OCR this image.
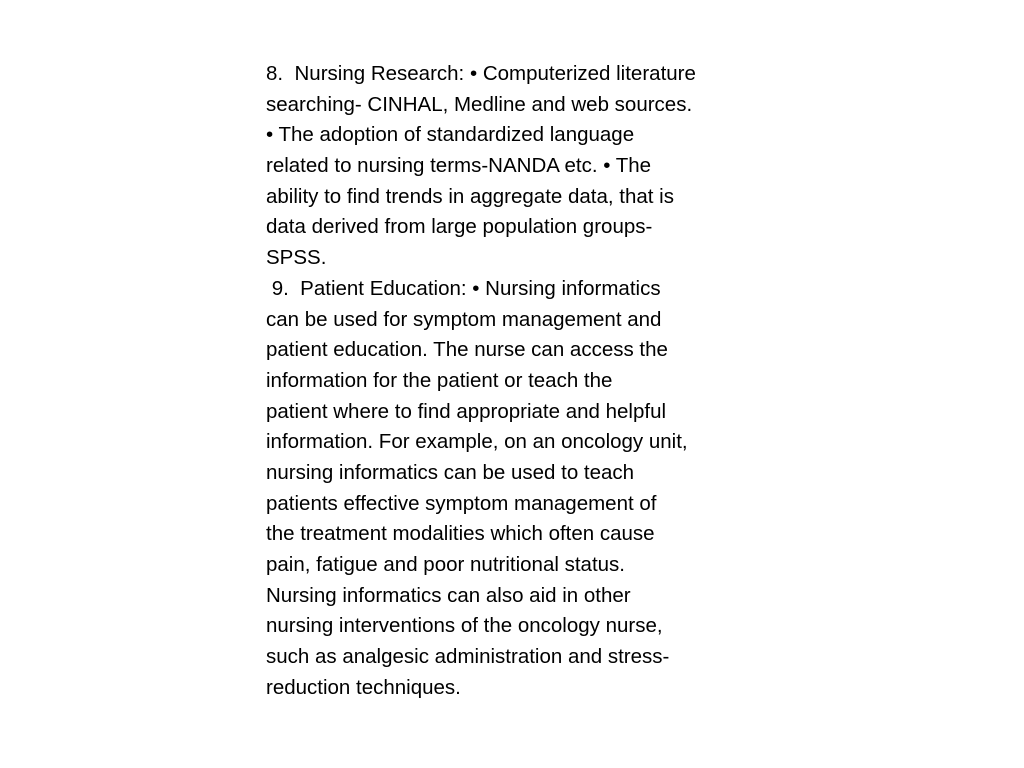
8.  Nursing Research: • Computerized literature
searching- CINHAL, Medline and web sources.
• The adoption of standardized language
related to nursing terms-NANDA etc. • The
ability to find trends in aggregate data, that is
data derived from large population groups-
SPSS.
9.  Patient Education: • Nursing informatics
can be used for symptom management and
patient education. The nurse can access the
information for the patient or teach the
patient where to find appropriate and helpful
information. For example, on an oncology unit,
nursing informatics can be used to teach
patients effective symptom management of
the treatment modalities which often cause
pain, fatigue and poor nutritional status.
Nursing informatics can also aid in other
nursing interventions of the oncology nurse,
such as analgesic administration and stress-
reduction techniques.
